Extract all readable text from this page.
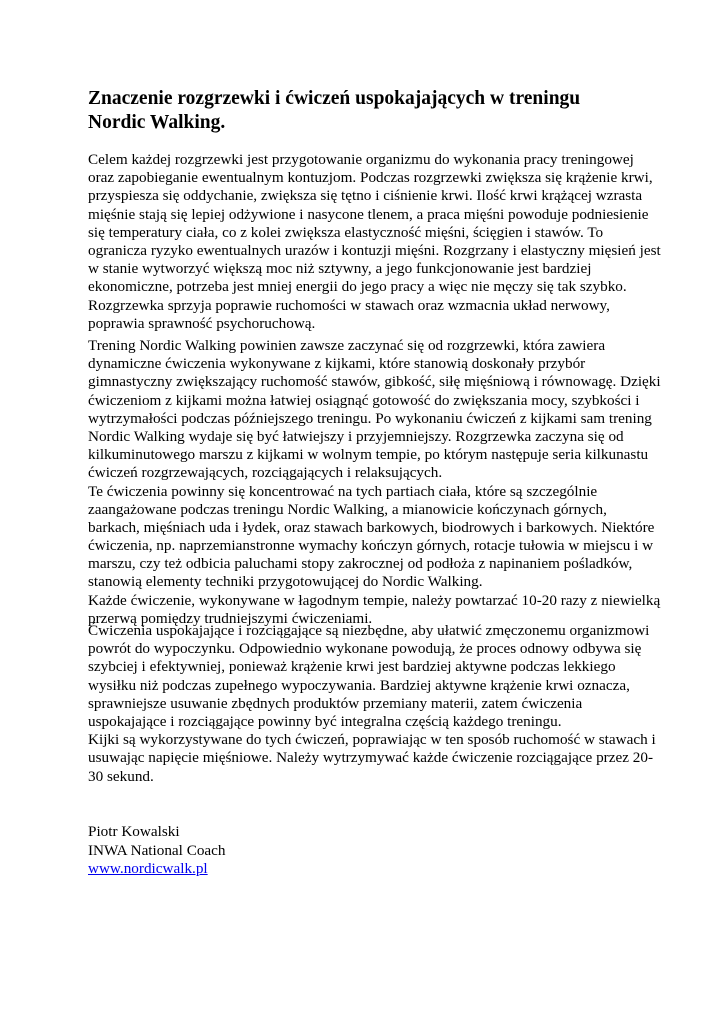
Znaczenie rozgrzewki i ćwiczeń uspokajających w treningu
Nordic Walking.
Celem każdej rozgrzewki jest przygotowanie organizmu do wykonania pracy treningowej
oraz zapobieganie ewentualnym kontuzjom. Podczas rozgrzewki zwiększa się krążenie krwi,
przyspiesza się oddychanie, zwiększa się tętno i ciśnienie krwi. Ilość krwi krążącej wzrasta
mięśnie stają się lepiej odżywione i nasycone tlenem, a praca mięśni powoduje podniesienie
się temperatury ciała, co z kolei zwiększa elastyczność mięśni, ścięgien i stawów. To
ogranicza ryzyko ewentualnych urazów i kontuzji mięśni. Rozgrzany i elastyczny mięsień jest
w stanie wytworzyć większą moc niż sztywny, a jego funkcjonowanie jest bardziej
ekonomiczne, potrzeba jest mniej energii do jego pracy a więc nie męczy się tak szybko.
Rozgrzewka sprzyja poprawie ruchomości w stawach oraz wzmacnia układ nerwowy,
poprawia sprawność psychoruchową.
Trening Nordic Walking powinien zawsze zaczynać się od rozgrzewki, która zawiera
dynamiczne ćwiczenia wykonywane z kijkami, które stanowią doskonały przybór
gimnastyczny zwiększający ruchomość stawów, gibkość, siłę mięśniową i równowagę. Dzięki
ćwiczeniom z kijkami można łatwiej osiągnąć gotowość do zwiększania mocy, szybkości i
wytrzymałości podczas późniejszego treningu. Po wykonaniu ćwiczeń z kijkami sam trening
Nordic Walking wydaje się być łatwiejszy i przyjemniejszy. Rozgrzewka zaczyna się od
kilkuminutowego marszu z kijkami w wolnym tempie, po którym następuje seria kilkunastu
ćwiczeń rozgrzewających, rozciągających i relaksujących.
Te ćwiczenia powinny się koncentrować na tych partiach ciała, które są szczególnie
zaangażowane podczas treningu Nordic Walking, a mianowicie kończynach górnych,
barkach, mięśniach uda i łydek, oraz stawach barkowych, biodrowych i barkowych. Niektóre
ćwiczenia, np. naprzemianstronne wymachy kończyn górnych, rotacje tułowia w miejscu i w
marszu, czy też odbicia paluchami stopy zakrocznej od podłoża z napinaniem pośladków,
stanowią elementy techniki przygotowującej do Nordic Walking.
Każde ćwiczenie, wykonywane w łagodnym tempie, należy powtarzać 10-20 razy z niewielką
przerwą pomiędzy trudniejszymi ćwiczeniami.
Ćwiczenia uspokajające i rozciągające są niezbędne, aby ułatwić zmęczonemu organizmowi
powrót do wypoczynku. Odpowiednio wykonane powodują, że proces odnowy odbywa się
szybciej i efektywniej, ponieważ krążenie krwi jest bardziej aktywne podczas lekkiego
wysiłku niż podczas zupełnego wypoczywania. Bardziej aktywne krążenie krwi oznacza,
sprawniejsze usuwanie zbędnych produktów przemiany materii, zatem ćwiczenia
uspokajające i rozciągające powinny być integralna częścią każdego treningu.
Kijki są wykorzystywane do tych ćwiczeń, poprawiając w ten sposób ruchomość w stawach i
usuwając napięcie mięśniowe. Należy wytrzymywać każde ćwiczenie rozciągające przez 20-
30 sekund.
Piotr Kowalski
INWA National Coach
www.nordicwalk.pl
